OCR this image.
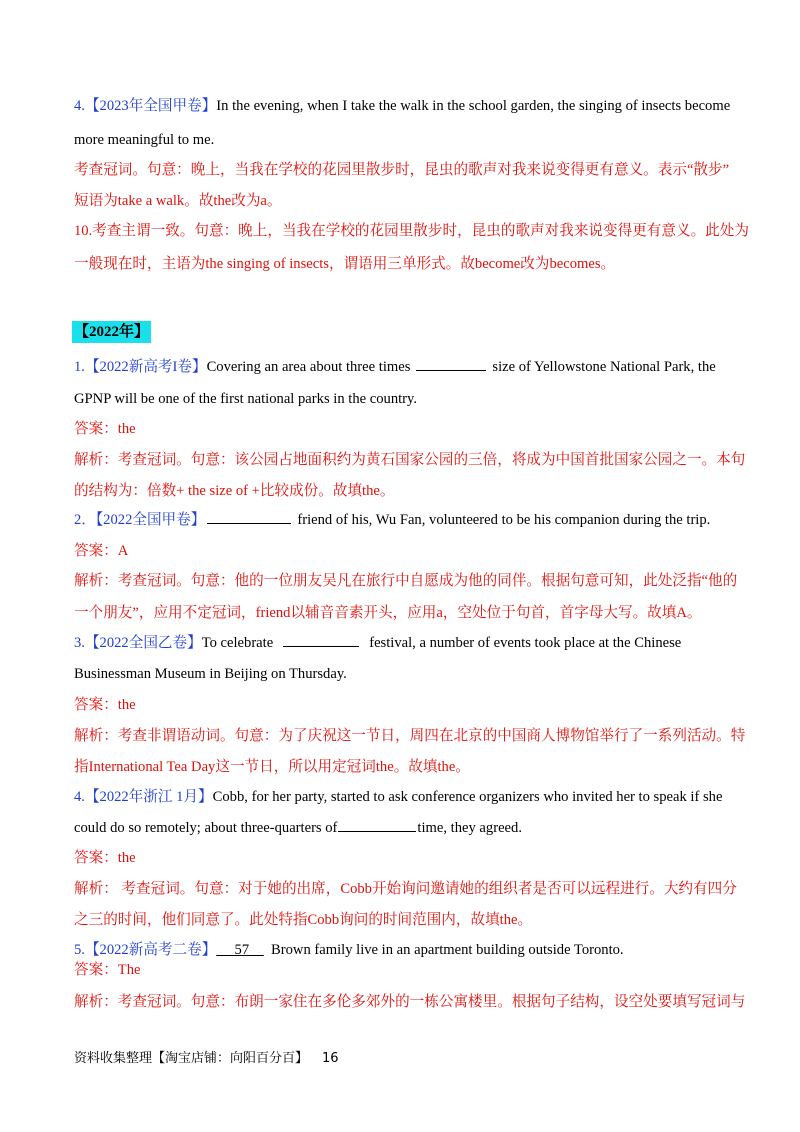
4.【2023年全国甲卷】In the evening, when I take the walk in the school garden, the singing of insects become
more meaningful to me.
考查冠词。句意：晚上，当我在学校的花园里散步时，昆虫的歌声对我来说变得更有意义。表示“散步”
短语为take a walk。故the改为a。
10.考查主谓一致。句意：晚上，当我在学校的花园里散步时，昆虫的歌声对我来说变得更有意义。此处为
一般现在时，主语为the singing of insects，谓语用三单形式。故become改为becomes。
【2022年】
1.【2022新高考I卷】Covering an area about three times	size of Yellowstone National Park, the
GPNP will be one of the first national parks in the country.
答案：the
解析：考查冠词。句意：该公园占地面积约为黄石国家公园的三倍，将成为中国首批国家公园之一。本句
的结构为：倍数+ the size of +比较成份。故填the。
2．【2022全国甲卷】	friend of his, Wu Fan, volunteered to be his companion during the trip.
答案：A
解析：考查冠词。句意：他的一位朋友吴凡在旅行中自愿成为他的同伴。根据句意可知，此处泛指“他的
一个朋友”，应用不定冠词，friend以辅音音素开头，应用a，空处位于句首，首字母大写。故填A。
3.【2022全国乙卷】To celebrate	festival, a number of events took place at the Chinese
Businessman Museum in Beijing on Thursday.
答案：the
解析：考查非谓语动词。句意：为了庆祝这一节日，周四在北京的中国商人博物馆举行了一系列活动。特
指International Tea Day这一节日，所以用定冠词the。故填the。
4.【2022年浙江 1月】Cobb, for her party, started to ask conference organizers who invited her to speak if she
could do so remotely; about three-quarters of	time, they agreed.
答案：the
解析： 考查冠词。句意：对于她的出席，Cobb开始询问邀请她的组织者是否可以远程进行。大约有四分
之三的时间，他们同意了。此处特指Cobb询问的时间范围内，故填the。
5.【2022新高考二卷】 57 Brown family live in an apartment building outside Toronto.
答案：The
解析：考查冠词。句意：布朗一家住在多伦多郊外的一栋公寓楼里。根据句子结构，设空处要填写冠词与
资料收集整理【淘宝店铺：向阳百分百】 16
